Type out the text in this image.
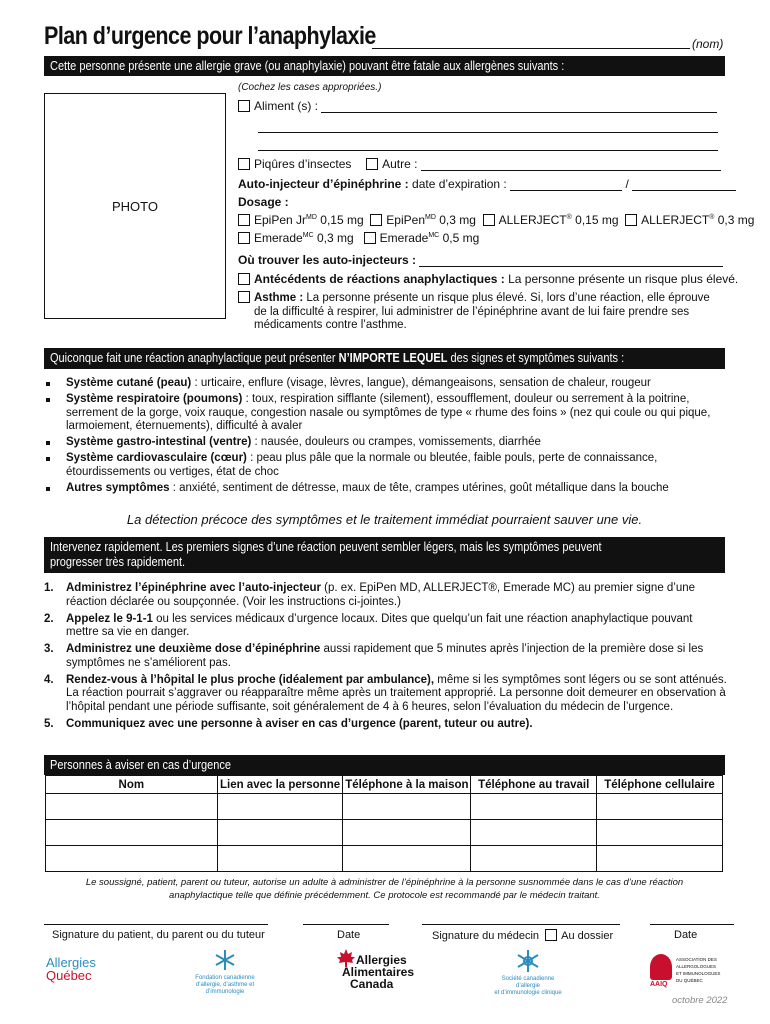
Plan d’urgence pour l’anaphylaxie	(nom)
Cette personne présente une allergie grave (ou anaphylaxie) pouvant être fatale aux allergènes suivants :
PHOTO
(Cochez les cases appropriées.)
Aliment (s) :
Piqûres d’insectes	Autre :
Auto-injecteur d’épinéphrine : date d’expiration :	/
Dosage :
EpiPen $Jr^{MD}$ 0,15 mg EpiPen$^{MD}$ 0,3 mg ALLERJECT® 0,15 mg ALLERJECT® 0,3 mg
Emerade$^{MC}$ 0,3 mg Emerade$^{MC}$ 0,5 mg
Où trouver les auto-injecteurs :
Antécédents de réactions anaphylactiques : La personne présente un risque plus élevé.
Asthme : La personne présente un risque plus élevé. Si, lors d’une réaction, elle éprouve
de la difficulté à respirer, lui administrer de l’épinéphrine avant de lui faire prendre ses
médicaments contre l’asthme.
Quiconque fait une réaction anaphylactique peut présenter N’IMPORTE LEQUEL des signes et symptômes suivants :
Système cutané (peau) : urticaire, enflure (visage, lèvres, langue), démangeaisons, sensation de chaleur, rougeur
Système respiratoire (poumons) : toux, respiration sifflante (silement), essoufflement, douleur ou serrement à la poitrine, serrement de la gorge, voix rauque, congestion nasale ou symptômes de type « rhume des foins » (nez qui coule ou qui pique, larmoiement, éternuements), difficulté à avaler
Système gastro-intestinal (ventre) : nausée, douleurs ou crampes, vomissements, diarrhée
Système cardiovasculaire (cœur) : peau plus pâle que la normale ou bleutée, faible pouls, perte de connaissance, étourdissements ou vertiges, état de choc
Autres symptômes : anxiété, sentiment de détresse, maux de tête, crampes utérines, goût métallique dans la bouche
La détection précoce des symptômes et le traitement immédiat pourraient sauver une vie.
Intervenez rapidement. Les premiers signes d’une réaction peuvent sembler légers, mais les symptômes peuvent
progresser très rapidement.
1. Administrez l’épinéphrine avec l’auto-injecteur (p. ex. EpiPen MD, ALLERJECT®, Emerade MC) au premier signe d’une réaction déclarée ou soupçonnée. (Voir les instructions ci-jointes.)
2. Appelez le 9-1-1 ou les services médicaux d’urgence locaux. Dites que quelqu’un fait une réaction anaphylactique pouvant mettre sa vie en danger.
3. Administrez une deuxième dose d’épinéphrine aussi rapidement que 5 minutes après l’injection de la première dose si les symptômes ne s’améliorent pas.
4. Rendez-vous à l’hôpital le plus proche (idéalement par ambulance), même si les symptômes sont légers ou se sont atténués. La réaction pourrait s’aggraver ou réapparaître même après un traitement approprié. La personne doit demeurer en observation à l’hôpital pendant une période suffisante, soit généralement de 4 à 6 heures, selon l’évaluation du médecin de l’urgence.
5. Communiquez avec une personne à aviser en cas d’urgence (parent, tuteur ou autre).
Personnes à aviser en cas d’urgence
Nom	Lien avec la personne	Téléphone à la maison	Téléphone au travail	Téléphone cellulaire

Le soussigné, patient, parent ou tuteur, autorise un adulte à administrer de l’épinéphrine à la personne susnommée dans le cas d’une réaction
anaphylactique telle que définie précédemment. Ce protocole est recommandé par le médecin traitant.
Signature du patient, du parent ou du tuteur	Date	Signature du médecin Au dossier	Date
Allergies
Québec	Fondation canadienne
d’allergie, d’asthme et
d’immunologie
Allergies
Alimentaires
Canada	Société canadienne d’allergie
et d’immunologie clinique
AAIQ
ASSOCIATION DES
ALLERGOLOGUES
ET IMMUNOLOGUES
DU QUÉBEC
octobre 2022
